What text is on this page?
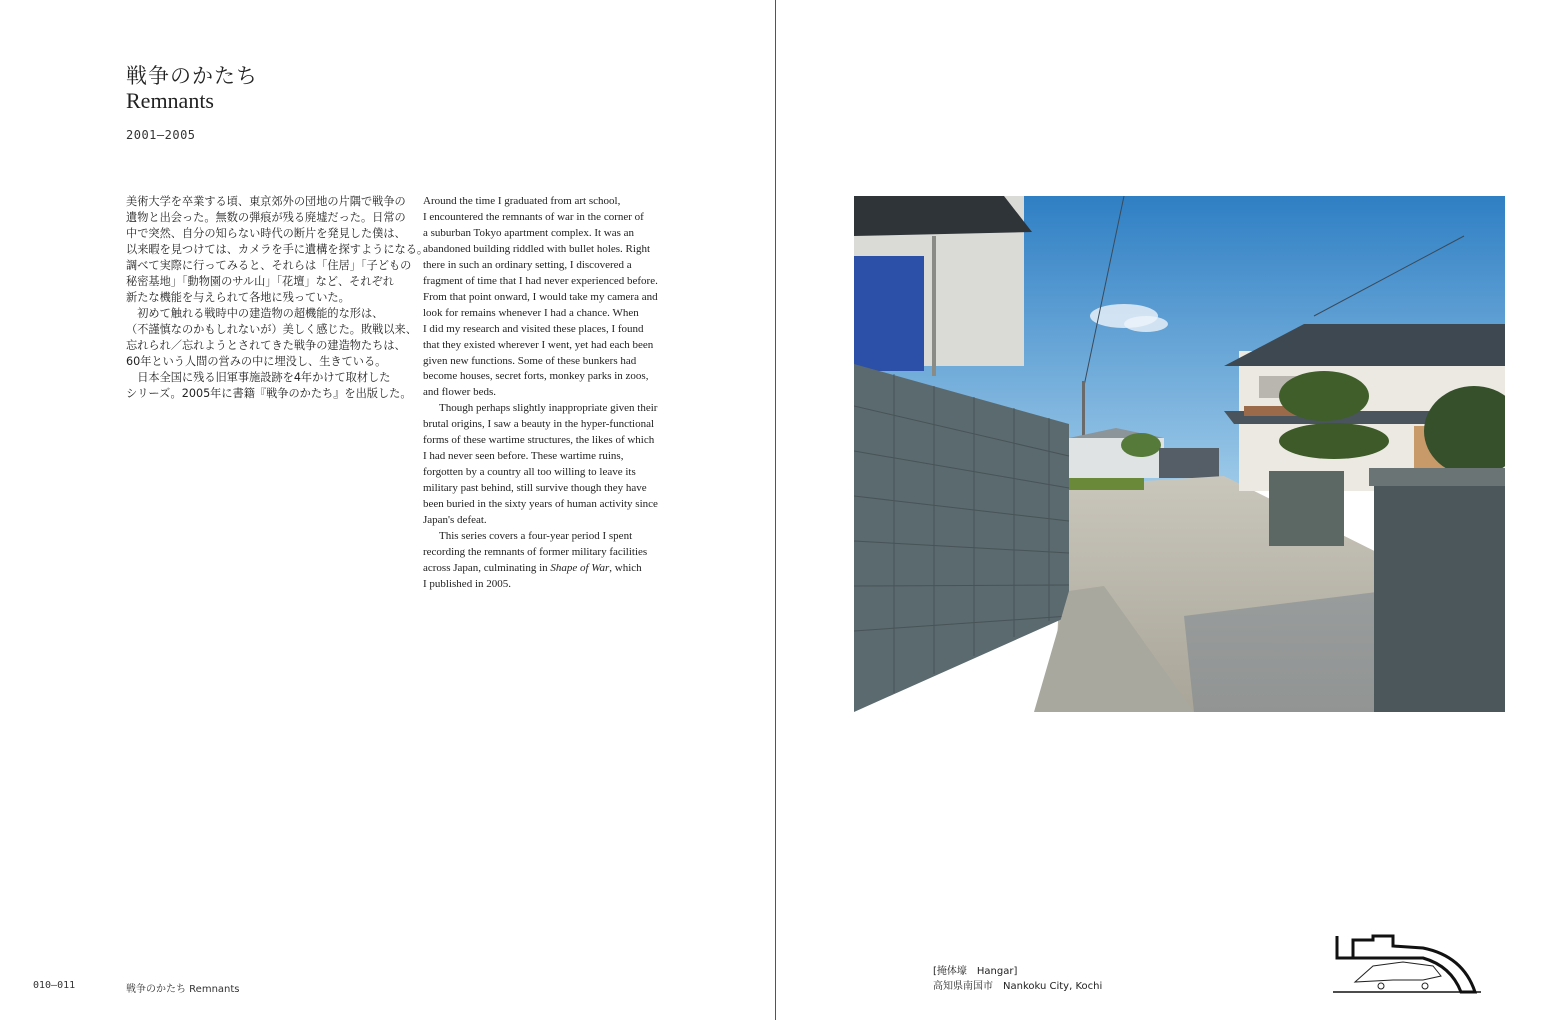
戦争のかたち
Remnants
2001–2005

美術大学を卒業する頃、東京郊外の団地の片隅で戦争の

遺物と出会った。無数の弾痕が残る廃墟だった。日常の

中で突然、自分の知らない時代の断片を発見した僕は、

以来暇を見つけては、カメラを手に遺構を探すようになる。

調べて実際に行ってみると、それらは「住居」「子どもの

秘密基地」「動物園のサル山」「花壇」など、それぞれ

新たな機能を与えられて各地に残っていた。

　初めて触れる戦時中の建造物の超機能的な形は、

（不謹慎なのかもしれないが）美しく感じた。敗戦以来、

忘れられ／忘れようとされてきた戦争の建造物たちは、

60年という人間の営みの中に埋没し、生きている。

　日本全国に残る旧軍事施設跡を4年かけて取材した

シリーズ。2005年に書籍『戦争のかたち』を出版した。

Around the time I graduated from art school,

I encountered the remnants of war in the corner of

a suburban Tokyo apartment complex. It was an

abandoned building riddled with bullet holes. Right

there in such an ordinary setting, I discovered a

fragment of time that I had never experienced before.

From that point onward, I would take my camera and

look for remains whenever I had a chance. When

I did my research and visited these places, I found

that they existed wherever I went, yet had each been

given new functions. Some of these bunkers had

become houses, secret forts, monkey parks in zoos,

and flower beds.

Though perhaps slightly inappropriate given their

brutal origins, I saw a beauty in the hyper-functional

forms of these wartime structures, the likes of which

I had never seen before. These wartime ruins,

forgotten by a country all too willing to leave its

military past behind, still survive though they have

been buried in the sixty years of human activity since

Japan's defeat.

This series covers a four-year period I spent

recording the remnants of former military facilities

across Japan, culminating in Shape of War, which

I published in 2005.

010–011	戦争のかたち Remnants
[掩体壕　Hangar]
高知県南国市　Nankoku City, Kochi
